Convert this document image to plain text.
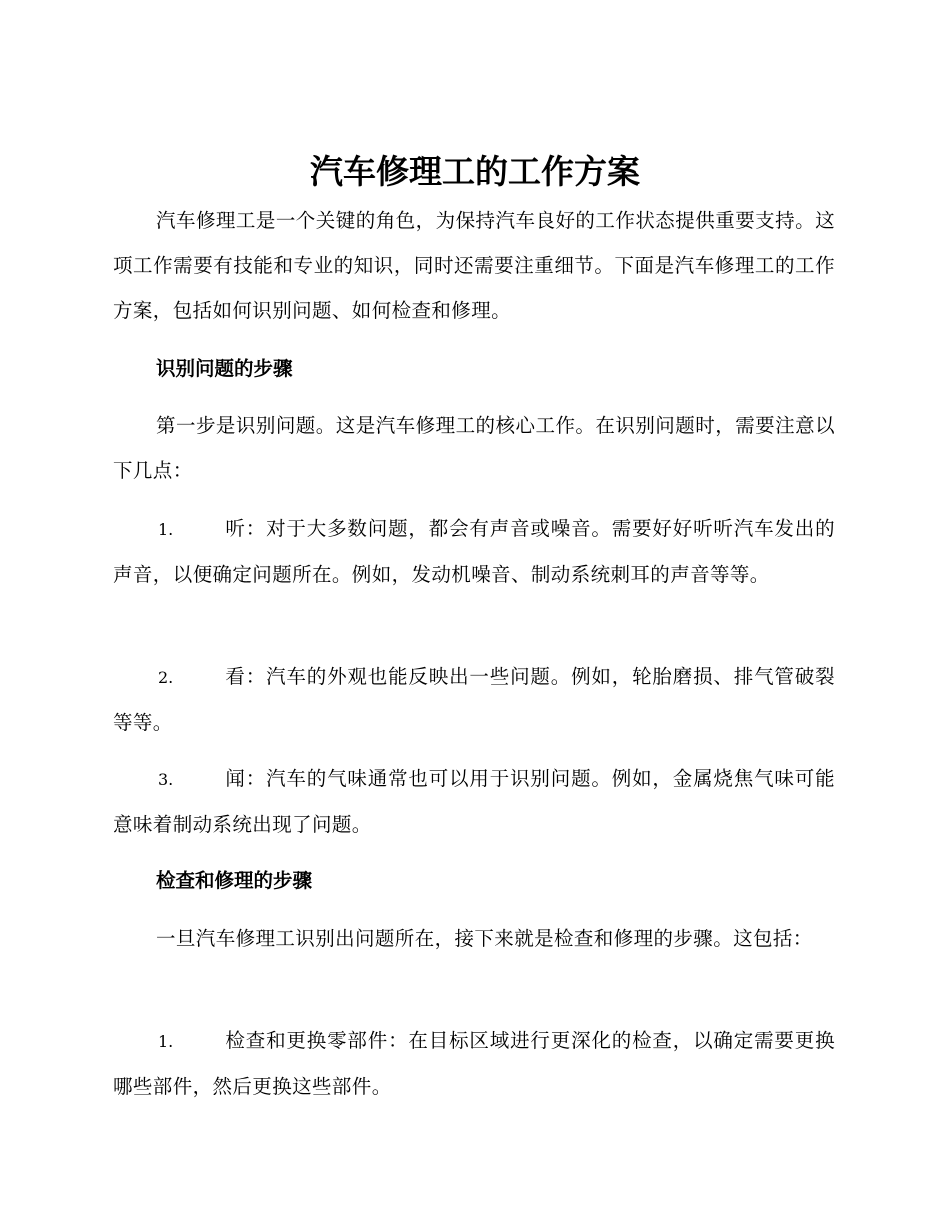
汽车修理工的工作方案

汽车修理工是一个关键的角色，为保持汽车良好的工作状态提供重要支持。这项工作需要有技能和专业的知识，同时还需要注重细节。下面是汽车修理工的工作方案，包括如何识别问题、如何检查和修理。

识别问题的步骤

第一步是识别问题。这是汽车修理工的核心工作。在识别问题时，需要注意以下几点：

1.	听：对于大多数问题，都会有声音或噪音。需要好好听听汽车发出的声音，以便确定问题所在。例如，发动机噪音、制动系统刺耳的声音等等。

2.	看：汽车的外观也能反映出一些问题。例如，轮胎磨损、排气管破裂等等。

3.	闻：汽车的气味通常也可以用于识别问题。例如，金属烧焦气味可能意味着制动系统出现了问题。

检查和修理的步骤

一旦汽车修理工识别出问题所在，接下来就是检查和修理的步骤。这包括：

1.	检查和更换零部件：在目标区域进行更深化的检查，以确定需要更换哪些部件，然后更换这些部件。
